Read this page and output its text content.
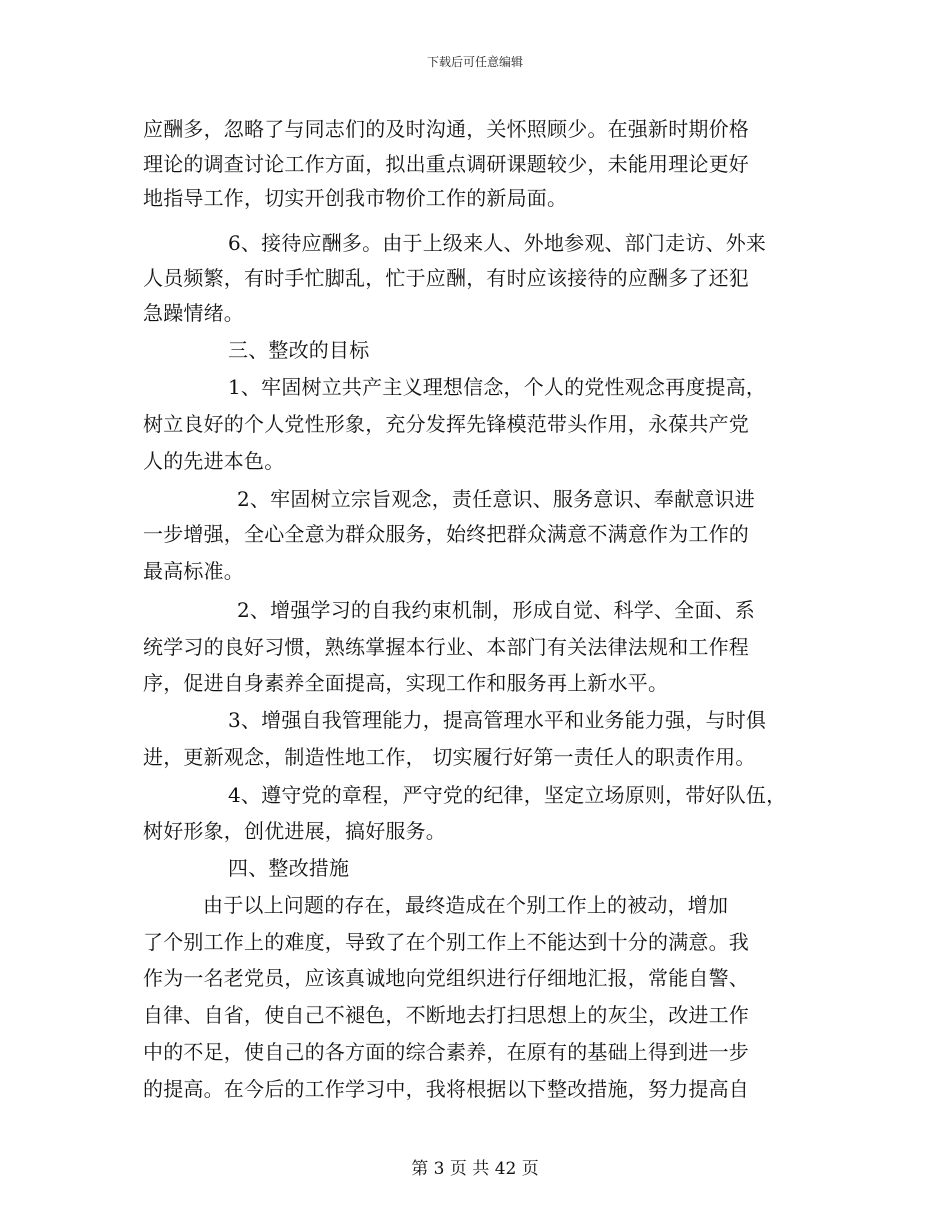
下载后可任意编辑
应酬多，忽略了与同志们的及时沟通，关怀照顾少。在强新时期价格
理论的调查讨论工作方面，拟出重点调研课题较少，未能用理论更好
地指导工作，切实开创我市物价工作的新局面。
6、接待应酬多。由于上级来人、外地参观、部门走访、外来
人员频繁，有时手忙脚乱，忙于应酬，有时应该接待的应酬多了还犯
急躁情绪。
三、整改的目标
1、牢固树立共产主义理想信念，个人的党性观念再度提高，
树立良好的个人党性形象，充分发挥先锋模范带头作用，永葆共产党
人的先进本色。
2、牢固树立宗旨观念，责任意识、服务意识、奉献意识进
一步增强，全心全意为群众服务，始终把群众满意不满意作为工作的
最高标准。
2、增强学习的自我约束机制，形成自觉、科学、全面、系
统学习的良好习惯，熟练掌握本行业、本部门有关法律法规和工作程
序，促进自身素养全面提高，实现工作和服务再上新水平。
3、增强自我管理能力，提高管理水平和业务能力强，与时俱
进，更新观念，制造性地工作， 切实履行好第一责任人的职责作用。
4、遵守党的章程，严守党的纪律，坚定立场原则，带好队伍，
树好形象，创优进展，搞好服务。
四、整改措施
由于以上问题的存在，最终造成在个别工作上的被动，增加
了个别工作上的难度，导致了在个别工作上不能达到十分的满意。我
作为一名老党员，应该真诚地向党组织进行仔细地汇报，常能自警、
自律、自省，使自己不褪色，不断地去打扫思想上的灰尘，改进工作
中的不足，使自己的各方面的综合素养，在原有的基础上得到进一步
的提高。在今后的工作学习中，我将根据以下整改措施，努力提高自
第 3 页 共 42 页
